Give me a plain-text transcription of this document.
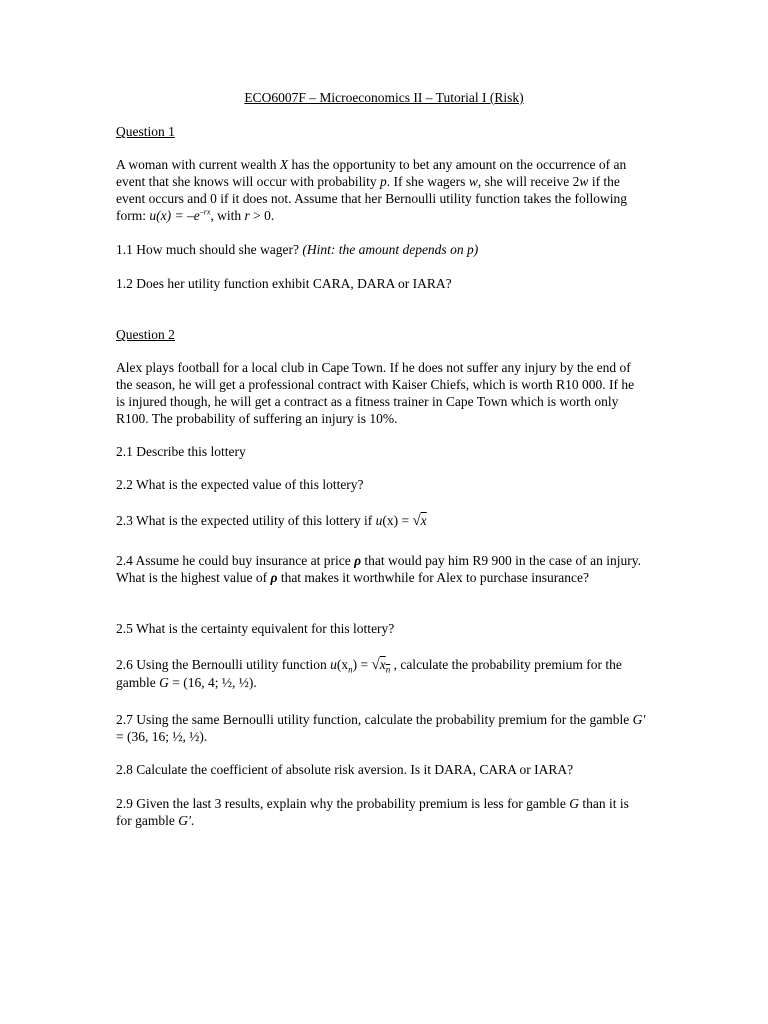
ECO6007F – Microeconomics II – Tutorial I (Risk)
Question 1
A woman with current wealth X has the opportunity to bet any amount on the occurrence of an event that she knows will occur with probability p. If she wagers w, she will receive 2w if the event occurs and 0 if it does not. Assume that her Bernoulli utility function takes the following form: $u(x) = -e^{-rx}$, with r > 0.
1.1 How much should she wager? (Hint: the amount depends on p)
1.2 Does her utility function exhibit CARA, DARA or IARA?
Question 2
Alex plays football for a local club in Cape Town. If he does not suffer any injury by the end of the season, he will get a professional contract with Kaiser Chiefs, which is worth R10 000. If he is injured though, he will get a contract as a fitness trainer in Cape Town which is worth only R100. The probability of suffering an injury is 10%.
2.1 Describe this lottery
2.2 What is the expected value of this lottery?
2.3 What is the expected utility of this lottery if u(x) = √x
2.4 Assume he could buy insurance at price ρ that would pay him R9 900 in the case of an injury. What is the highest value of ρ that makes it worthwhile for Alex to purchase insurance?
2.5 What is the certainty equivalent for this lottery?
2.6 Using the Bernoulli utility function $u(x_n) = √x_n$ , calculate the probability premium for the gamble G = (16, 4; ½, ½).
2.7 Using the same Bernoulli utility function, calculate the probability premium for the gamble G' = (36, 16; ½, ½).
2.8 Calculate the coefficient of absolute risk aversion. Is it DARA, CARA or IARA?
2.9 Given the last 3 results, explain why the probability premium is less for gamble G than it is for gamble G'.
